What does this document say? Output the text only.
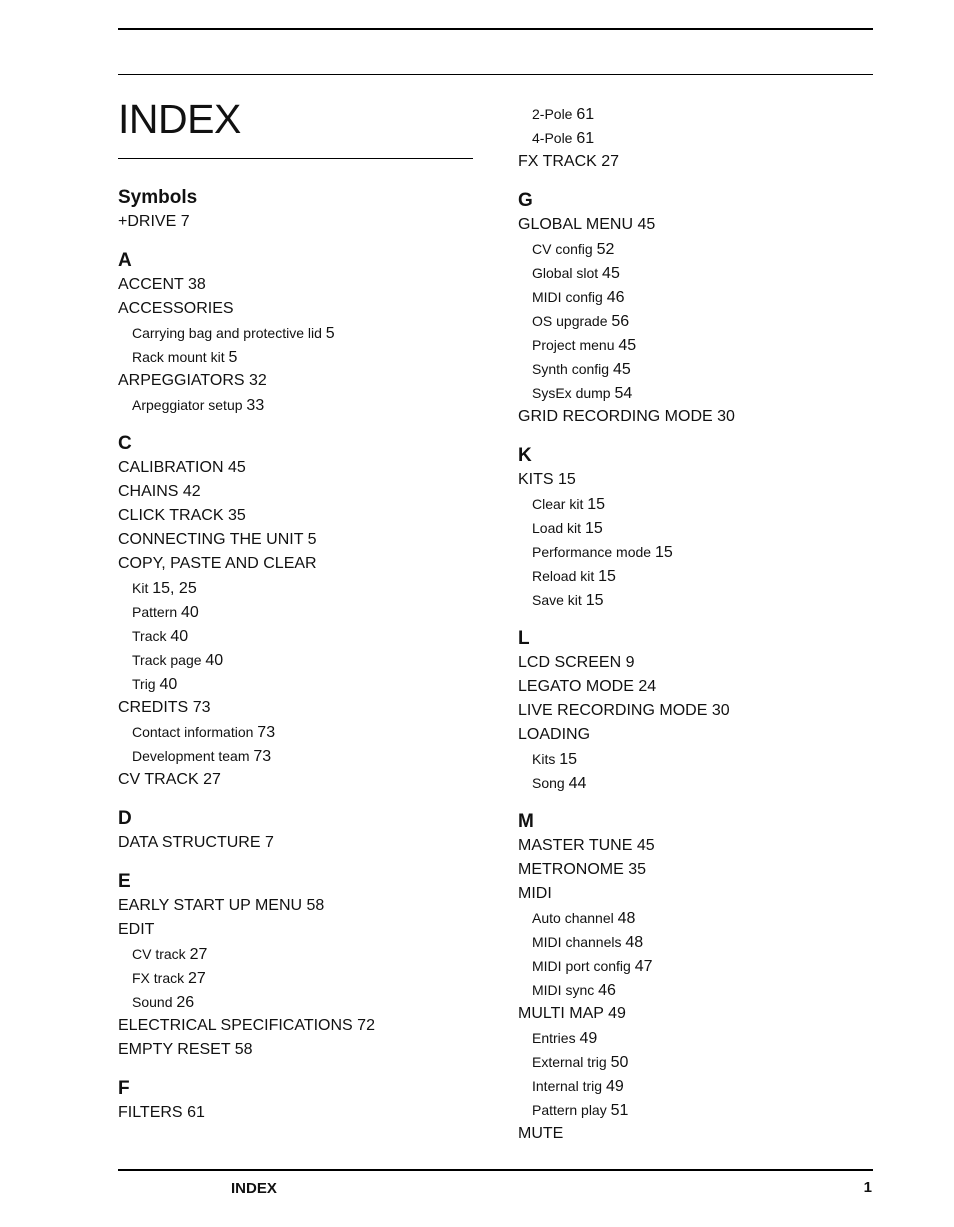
INDEX
Symbols
+DRIVE 7
A
ACCENT 38
ACCESSORIES
Carrying bag and protective lid 5
Rack mount kit 5
ARPEGGIATORS 32
Arpeggiator setup 33
C
CALIBRATION 45
CHAINS 42
CLICK TRACK 35
CONNECTING THE UNIT 5
COPY, PASTE AND CLEAR
Kit 15, 25
Pattern 40
Track 40
Track page 40
Trig 40
CREDITS 73
Contact information 73
Development team 73
CV TRACK 27
D
DATA STRUCTURE 7
E
EARLY START UP MENU 58
EDIT
CV track 27
FX track 27
Sound 26
ELECTRICAL SPECIFICATIONS 72
EMPTY RESET 58
F
FILTERS 61
2-Pole 61
4-Pole 61
FX TRACK 27
G
GLOBAL MENU 45
CV config 52
Global slot 45
MIDI config 46
OS upgrade 56
Project menu 45
Synth config 45
SysEx dump 54
GRID RECORDING MODE 30
K
KITS 15
Clear kit 15
Load kit 15
Performance mode 15
Reload kit 15
Save kit 15
L
LCD SCREEN 9
LEGATO MODE 24
LIVE RECORDING MODE 30
LOADING
Kits 15
Song 44
M
MASTER TUNE 45
METRONOME 35
MIDI
Auto channel 48
MIDI channels 48
MIDI port config 47
MIDI sync 46
MULTI MAP 49
Entries 49
External trig 50
Internal trig 49
Pattern play 51
MUTE
INDEX	1
